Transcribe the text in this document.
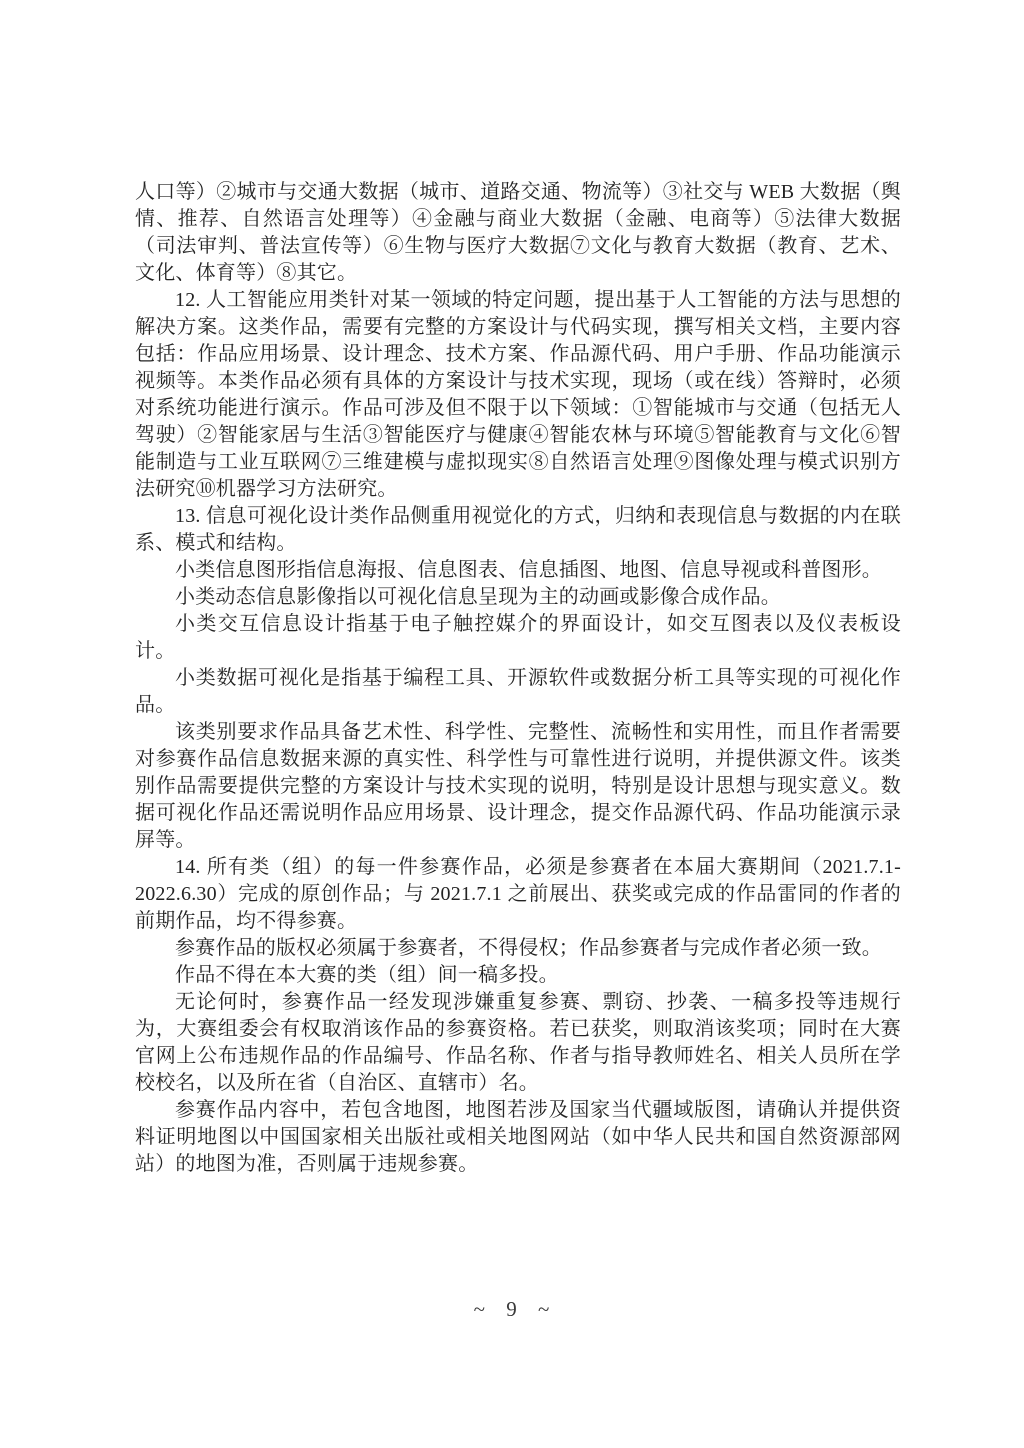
人口等）②城市与交通大数据（城市、道路交通、物流等）③社交与 WEB 大数据（舆情、推荐、自然语言处理等）④金融与商业大数据（金融、电商等）⑤法律大数据（司法审判、普法宣传等）⑥生物与医疗大数据⑦文化与教育大数据（教育、艺术、文化、体育等）⑧其它。

12. 人工智能应用类针对某一领域的特定问题，提出基于人工智能的方法与思想的解决方案。这类作品，需要有完整的方案设计与代码实现，撰写相关文档，主要内容包括：作品应用场景、设计理念、技术方案、作品源代码、用户手册、作品功能演示视频等。本类作品必须有具体的方案设计与技术实现，现场（或在线）答辩时，必须对系统功能进行演示。作品可涉及但不限于以下领域：①智能城市与交通（包括无人驾驶）②智能家居与生活③智能医疗与健康④智能农林与环境⑤智能教育与文化⑥智能制造与工业互联网⑦三维建模与虚拟现实⑧自然语言处理⑨图像处理与模式识别方法研究⑩机器学习方法研究。

13. 信息可视化设计类作品侧重用视觉化的方式，归纳和表现信息与数据的内在联系、模式和结构。

小类信息图形指信息海报、信息图表、信息插图、地图、信息导视或科普图形。

小类动态信息影像指以可视化信息呈现为主的动画或影像合成作品。

小类交互信息设计指基于电子触控媒介的界面设计，如交互图表以及仪表板设计。

小类数据可视化是指基于编程工具、开源软件或数据分析工具等实现的可视化作品。

该类别要求作品具备艺术性、科学性、完整性、流畅性和实用性，而且作者需要对参赛作品信息数据来源的真实性、科学性与可靠性进行说明，并提供源文件。该类别作品需要提供完整的方案设计与技术实现的说明，特别是设计思想与现实意义。数据可视化作品还需说明作品应用场景、设计理念，提交作品源代码、作品功能演示录屏等。

14. 所有类（组）的每一件参赛作品，必须是参赛者在本届大赛期间（2021.7.1-2022.6.30）完成的原创作品；与 2021.7.1 之前展出、获奖或完成的作品雷同的作者的前期作品，均不得参赛。

参赛作品的版权必须属于参赛者，不得侵权；作品参赛者与完成作者必须一致。

作品不得在本大赛的类（组）间一稿多投。

无论何时，参赛作品一经发现涉嫌重复参赛、剽窃、抄袭、一稿多投等违规行为，大赛组委会有权取消该作品的参赛资格。若已获奖，则取消该奖项；同时在大赛官网上公布违规作品的作品编号、作品名称、作者与指导教师姓名、相关人员所在学校校名，以及所在省（自治区、直辖市）名。

参赛作品内容中，若包含地图，地图若涉及国家当代疆域版图，请确认并提供资料证明地图以中国国家相关出版社或相关地图网站（如中华人民共和国自然资源部网站）的地图为准，否则属于违规参赛。

~ 9 ~
